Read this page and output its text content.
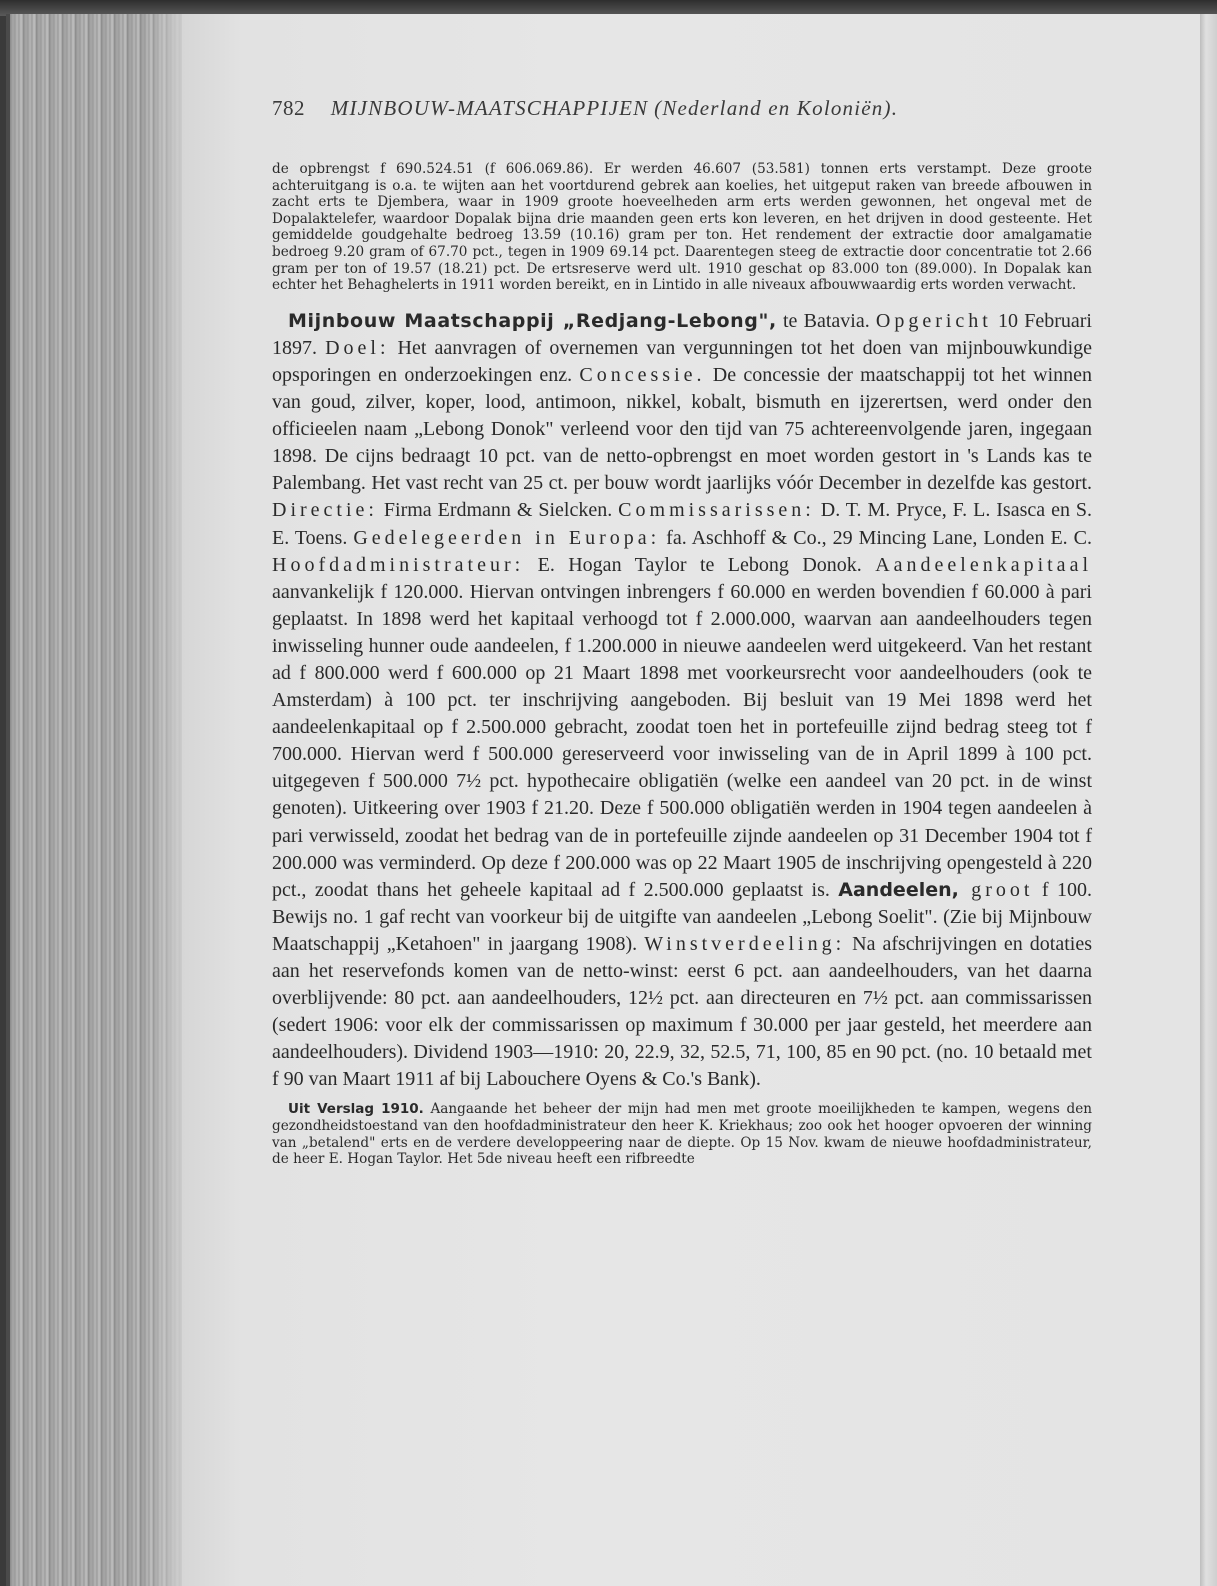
782 MIJNBOUW-MAATSCHAPPIJEN (Nederland en Koloniën).

de opbrengst f 690.524.51 (f 606.069.86). Er werden 46.607 (53.581) tonnen erts verstampt. Deze groote achteruitgang is o.a. te wijten aan het voortdurend gebrek aan koelies, het uitgeput raken van breede afbouwen in zacht erts te Djembera, waar in 1909 groote hoeveelheden arm erts werden gewonnen, het ongeval met de Dopalaktelefer, waardoor Dopalak bijna drie maanden geen erts kon leveren, en het drijven in dood gesteente. Het gemiddelde goudgehalte bedroeg 13.59 (10.16) gram per ton. Het rendement der extractie door amalgamatie bedroeg 9.20 gram of 67.70 pct., tegen in 1909 69.14 pct. Daarentegen steeg de extractie door concentratie tot 2.66 gram per ton of 19.57 (18.21) pct. De ertsreserve werd ult. 1910 geschat op 83.000 ton (89.000). In Dopalak kan echter het Behaghelerts in 1911 worden bereikt, en in Lintido in alle niveaux afbouwwaardig erts worden verwacht.

Mijnbouw Maatschappij „Redjang-Lebong", te Batavia. Opgericht 10 Februari 1897. Doel: Het aanvragen of overnemen van vergunningen tot het doen van mijnbouwkundige opsporingen en onderzoekingen enz. Concessie. De concessie der maatschappij tot het winnen van goud, zilver, koper, lood, antimoon, nikkel, kobalt, bismuth en ijzerertsen, werd onder den officieelen naam „Lebong Donok" verleend voor den tijd van 75 achtereenvolgende jaren, ingegaan 1898. De cijns bedraagt 10 pct. van de netto-opbrengst en moet worden gestort in 's Lands kas te Palembang. Het vast recht van 25 ct. per bouw wordt jaarlijks vóór December in dezelfde kas gestort. Directie: Firma Erdmann & Sielcken. Commissarissen: D. T. M. Pryce, F. L. Isasca en S. E. Toens. Gedelegeerden in Europa: fa. Aschhoff & Co., 29 Mincing Lane, Londen E. C. Hoofdadministrateur: E. Hogan Taylor te Lebong Donok. Aandeelenkapitaal aanvankelijk f 120.000. Hiervan ontvingen inbrengers f 60.000 en werden bovendien f 60.000 à pari geplaatst. In 1898 werd het kapitaal verhoogd tot f 2.000.000, waarvan aan aandeelhouders tegen inwisseling hunner oude aandeelen, f 1.200.000 in nieuwe aandeelen werd uitgekeerd. Van het restant ad f 800.000 werd f 600.000 op 21 Maart 1898 met voorkeursrecht voor aandeelhouders (ook te Amsterdam) à 100 pct. ter inschrijving aangeboden. Bij besluit van 19 Mei 1898 werd het aandeelenkapitaal op f 2.500.000 gebracht, zoodat toen het in portefeuille zijnd bedrag steeg tot f 700.000. Hiervan werd f 500.000 gereserveerd voor inwisseling van de in April 1899 à 100 pct. uitgegeven f 500.000 7½ pct. hypothecaire obligatiën (welke een aandeel van 20 pct. in de winst genoten). Uitkeering over 1903 f 21.20. Deze f 500.000 obligatiën werden in 1904 tegen aandeelen à pari verwisseld, zoodat het bedrag van de in portefeuille zijnde aandeelen op 31 December 1904 tot f 200.000 was verminderd. Op deze f 200.000 was op 22 Maart 1905 de inschrijving opengesteld à 220 pct., zoodat thans het geheele kapitaal ad f 2.500.000 geplaatst is. Aandeelen, groot f 100. Bewijs no. 1 gaf recht van voorkeur bij de uitgifte van aandeelen „Lebong Soelit". (Zie bij Mijnbouw Maatschappij „Ketahoen" in jaargang 1908). Winstverdeeling: Na afschrijvingen en dotaties aan het reservefonds komen van de netto-winst: eerst 6 pct. aan aandeelhouders, van het daarna overblijvende: 80 pct. aan aandeelhouders, 12½ pct. aan directeuren en 7½ pct. aan commissarissen (sedert 1906: voor elk der commissarissen op maximum f 30.000 per jaar gesteld, het meerdere aan aandeelhouders). Dividend 1903—1910: 20, 22.9, 32, 52.5, 71, 100, 85 en 90 pct. (no. 10 betaald met f 90 van Maart 1911 af bij Labouchere Oyens & Co.'s Bank).

Uit Verslag 1910. Aangaande het beheer der mijn had men met groote moeilijkheden te kampen, wegens den gezondheidstoestand van den hoofdadministrateur den heer K. Kriekhaus; zoo ook het hooger opvoeren der winning van „betalend" erts en de verdere developpeering naar de diepte. Op 15 Nov. kwam de nieuwe hoofdadministrateur, de heer E. Hogan Taylor. Het 5de niveau heeft een rifbreedte
